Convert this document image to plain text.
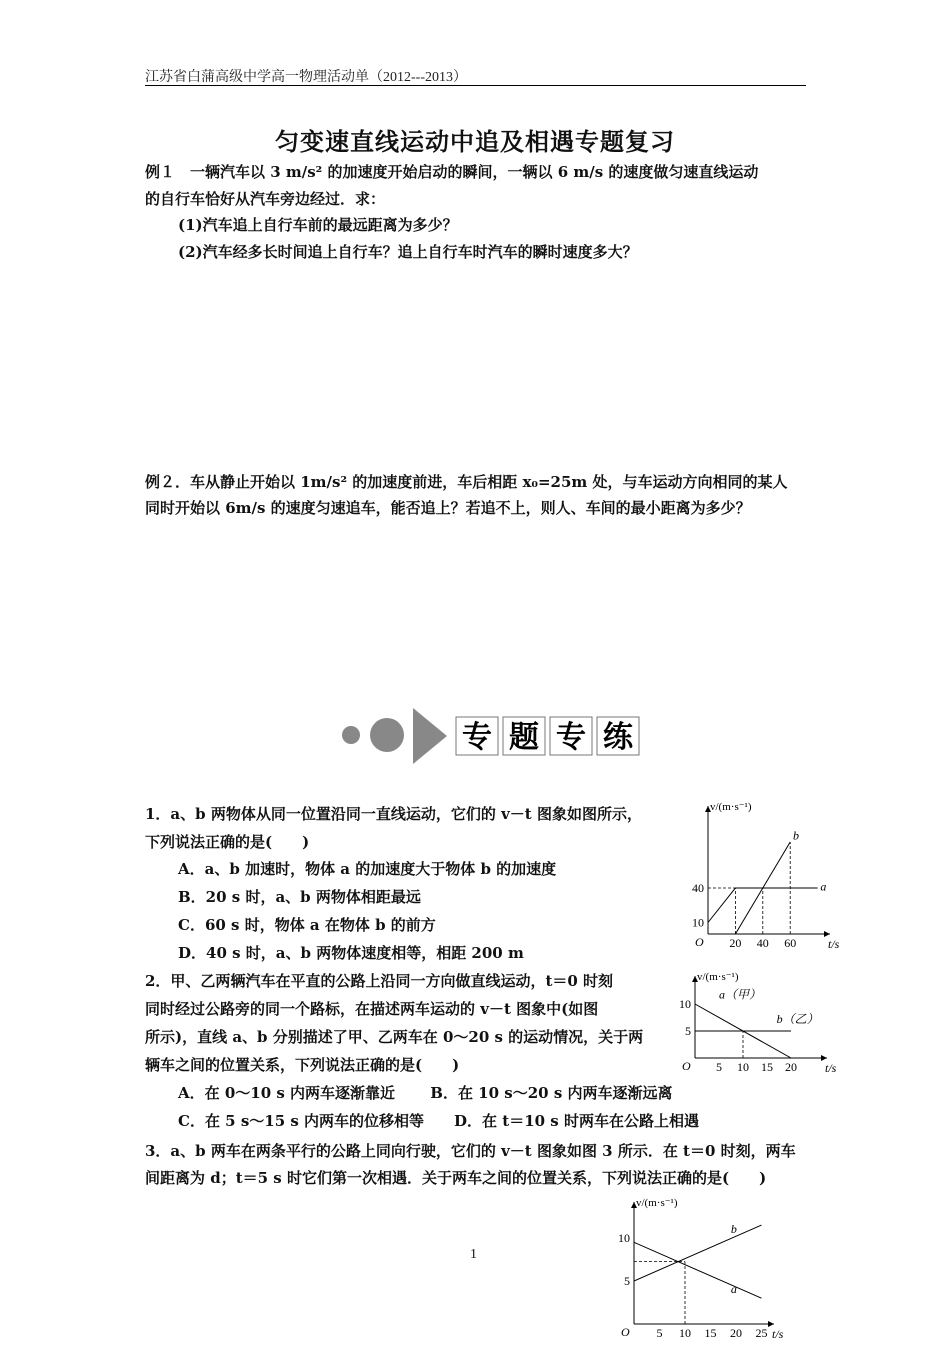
江苏省白蒲高级中学高一物理活动单（2012---2013）
匀变速直线运动中追及相遇专题复习
例１　一辆汽车以 3 m/s² 的加速度开始启动的瞬间，一辆以 6 m/s 的速度做匀速直线运动
的自行车恰好从汽车旁边经过．求：
(1)汽车追上自行车前的最远距离为多少？
(2)汽车经多长时间追上自行车？追上自行车时汽车的瞬时速度多大？
例２．车从静止开始以 1m/s² 的加速度前进，车后相距 x₀=25m 处，与车运动方向相同的某人
同时开始以 6m/s 的速度匀速追车，能否追上？若追不上，则人、车间的最小距离为多少？
专 题 专 练
1．a、b 两物体从同一位置沿同一直线运动，它们的 v－t 图象如图所示，
下列说法正确的是(　　)
A．a、b 加速时，物体 a 的加速度大于物体 b 的加速度
B．20 s 时，a、b 两物体相距最远
C．60 s 时，物体 a 在物体 b 的前方
D．40 s 时，a、b 两物体速度相等，相距 200 m
2．甲、乙两辆汽车在平直的公路上沿同一方向做直线运动，t＝0 时刻
同时经过公路旁的同一个路标，在描述两车运动的 v－t 图象中(如图
所示)，直线 a、b 分别描述了甲、乙两车在 0～20 s 的运动情况，关于两
辆车之间的位置关系，下列说法正确的是(　　)
A．在 0～10 s 内两车逐渐靠近　　 B．在 10 s～20 s 内两车逐渐远离
C．在 5 s～15 s 内两车的位移相等　　D．在 t＝10 s 时两车在公路上相遇
3．a、b 两车在两条平行的公路上同向行驶，它们的 v－t 图象如图 3 所示．在 t＝0 时刻，两车
间距离为 d；t＝5 s 时它们第一次相遇．关于两车之间的位置关系，下列说法正确的是(　　)
1
O
v/(m·s⁻¹)
t/s
20 40 60
10
40	a
b
O
v/(m·s⁻¹)
t/s
5 10 15 20
5
10
b（乙）
a（甲）
O
v/(m·s⁻¹)
t/s
5 10 15 20 25
5
10
b
a
